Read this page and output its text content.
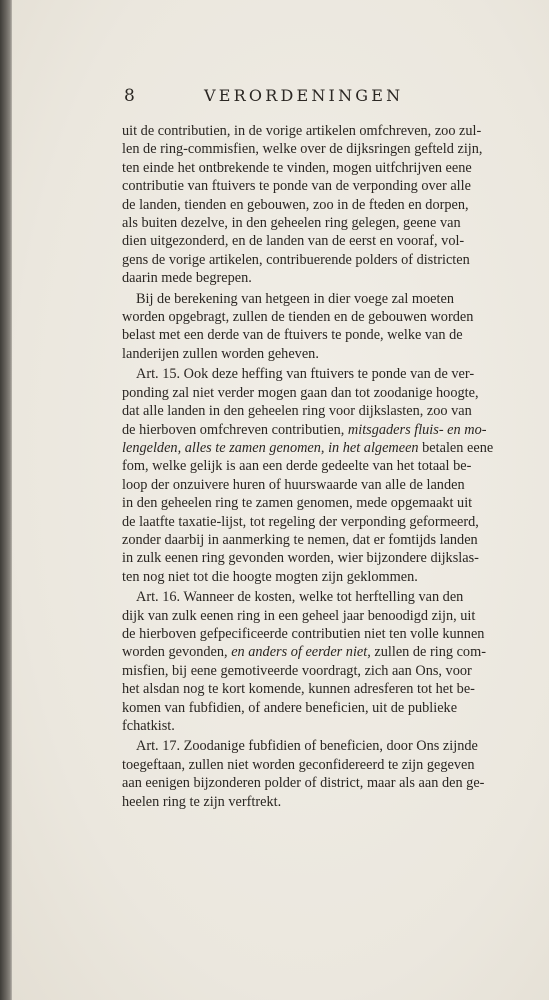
8	VERORDENINGEN
uit de contributien, in de vorige artikelen omfchreven, zoo zul-
len de ring-commisfien, welke over de dijksringen gefteld zijn,
ten einde het ontbrekende te vinden, mogen uitfchrijven eene
contributie van ftuivers te ponde van de verponding over alle
de landen, tienden en gebouwen, zoo in de fteden en dorpen,
als buiten dezelve, in den geheelen ring gelegen, geene van
dien uitgezonderd, en de landen van de eerst en vooraf, vol-
gens de vorige artikelen, contribuerende polders of districten
daarin mede begrepen.
Bij de berekening van hetgeen in dier voege zal moeten
worden opgebragt, zullen de tienden en de gebouwen worden
belast met een derde van de ftuivers te ponde, welke van de
landerijen zullen worden geheven.
Art. 15. Ook deze heffing van ftuivers te ponde van de ver-
ponding zal niet verder mogen gaan dan tot zoodanige hoogte,
dat alle landen in den geheelen ring voor dijkslasten, zoo van
de hierboven omfchreven contributien, mitsgaders fluis- en mo-
lengelden, alles te zamen genomen, in het algemeen betalen eene
fom, welke gelijk is aan een derde gedeelte van het totaal be-
loop der onzuivere huren of huurswaarde van alle de landen
in den geheelen ring te zamen genomen, mede opgemaakt uit
de laatfte taxatie-lijst, tot regeling der verponding geformeerd,
zonder daarbij in aanmerking te nemen, dat er fomtijds landen
in zulk eenen ring gevonden worden, wier bijzondere dijkslas-
ten nog niet tot die hoogte mogten zijn geklommen.
Art. 16. Wanneer de kosten, welke tot herftelling van den
dijk van zulk eenen ring in een geheel jaar benoodigd zijn, uit
de hierboven gefpecificeerde contributien niet ten volle kunnen
worden gevonden, en anders of eerder niet, zullen de ring com-
misfien, bij eene gemotiveerde voordragt, zich aan Ons, voor
het alsdan nog te kort komende, kunnen adresferen tot het be-
komen van fubfidien, of andere beneficien, uit de publieke
fchatkist.
Art. 17. Zoodanige fubfidien of beneficien, door Ons zijnde
toegeftaan, zullen niet worden geconfidereerd te zijn gegeven
aan eenigen bijzonderen polder of district, maar als aan den ge-
heelen ring te zijn verftrekt.
